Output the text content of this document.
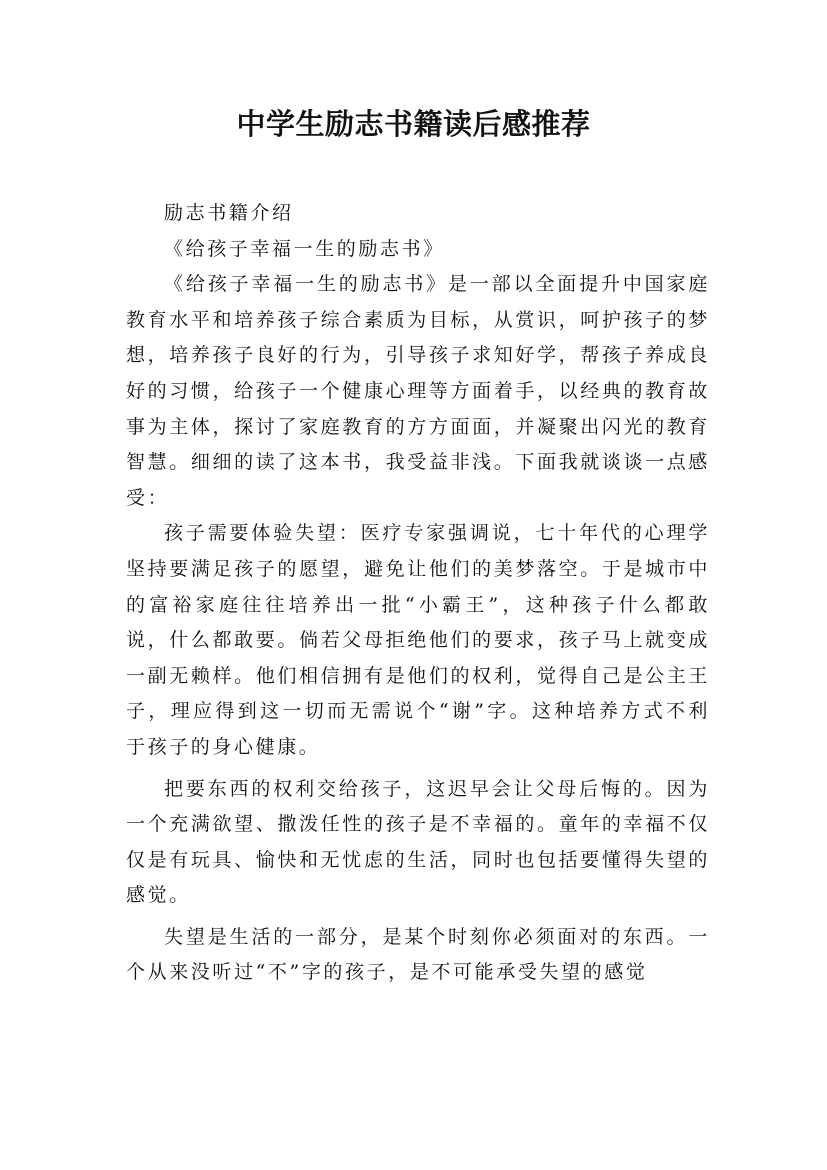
中学生励志书籍读后感推荐

励志书籍介绍

《给孩子幸福一生的励志书》

《给孩子幸福一生的励志书》是一部以全面提升中国家庭教育水平和培养孩子综合素质为目标，从赏识，呵护孩子的梦想，培养孩子良好的行为，引导孩子求知好学，帮孩子养成良好的习惯，给孩子一个健康心理等方面着手，以经典的教育故事为主体，探讨了家庭教育的方方面面，并凝聚出闪光的教育智慧。细细的读了这本书，我受益非浅。下面我就谈谈一点感受：

孩子需要体验失望：医疗专家强调说，七十年代的心理学坚持要满足孩子的愿望，避免让他们的美梦落空。于是城市中的富裕家庭往往培养出一批“小霸王”，这种孩子什么都敢说，什么都敢要。倘若父母拒绝他们的要求，孩子马上就变成一副无赖样。他们相信拥有是他们的权利，觉得自己是公主王子，理应得到这一切而无需说个“谢”字。这种培养方式不利于孩子的身心健康。

把要东西的权利交给孩子，这迟早会让父母后悔的。因为一个充满欲望、撒泼任性的孩子是不幸福的。童年的幸福不仅仅是有玩具、愉快和无忧虑的生活，同时也包括要懂得失望的感觉。

失望是生活的一部分，是某个时刻你必须面对的东西。一个从来没听过“不”字的孩子，是不可能承受失望的感觉
